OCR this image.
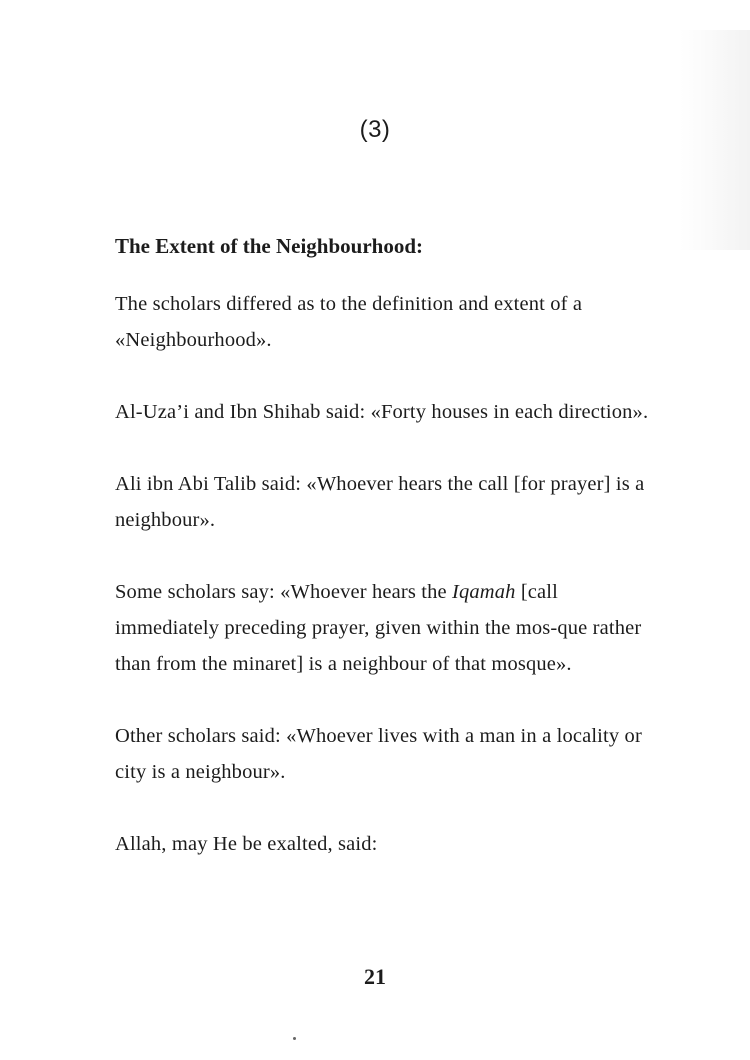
(3)
The Extent of the Neighbourhood:

The scholars differed as to the definition and extent of a «Neighbourhood».

Al-Uza’i and Ibn Shihab said: «Forty houses in each direction».

Ali ibn Abi Talib said: «Whoever hears the call [for prayer] is a neighbour».

Some scholars say: «Whoever hears the Iqamah [call immediately preceding prayer, given within the mos-que rather than from the minaret] is a neighbour of that mosque».

Other scholars said: «Whoever lives with a man in a locality or city is a neighbour».

Allah, may He be exalted, said:

21
